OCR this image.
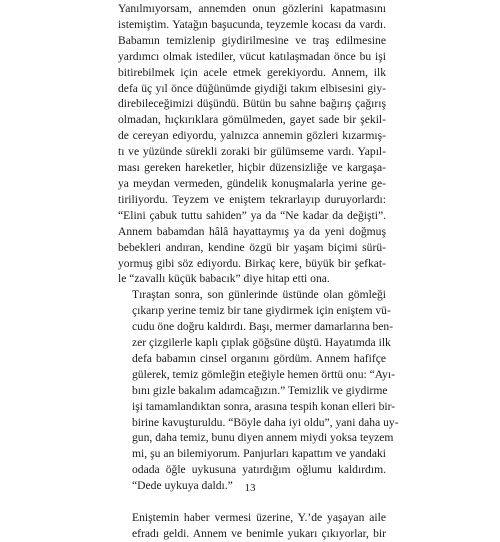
Yanılmıyorsam, annemden onun gözlerini kapatmasını
istemiştim. Yatağın başucunda, teyzemle kocası da vardı.
Babamın temizlenip giydirilmesine ve traş edilmesine
yardımcı olmak istediler, vücut katılaşmadan önce bu işi
bitirebilmek için acele etmek gerekiyordu. Annem, ilk
defa üç yıl önce düğünümde giydiği takım elbisesini giy-
direbileceğimizi düşündü. Bütün bu sahne bağırış çağırış
olmadan, hıçkırıklara gömülmeden, gayet sade bir şekil-
de cereyan ediyordu, yalnızca annemin gözleri kızarmış-
tı ve yüzünde sürekli zoraki bir gülümseme vardı. Yapıl-
ması gereken hareketler, hiçbir düzensizliğe ve kargaşa-
ya meydan vermeden, gündelik konuşmalarla yerine ge-
tiriliyordu. Teyzem ve eniştem tekrarlayıp duruyorlardı:
“Elini çabuk tuttu sahiden” ya da “Ne kadar da değişti”.
Annem babamdan hâlâ hayattaymış ya da yeni doğmuş
bebekleri andıran, kendine özgü bir yaşam biçimi sürü-
yormuş gibi söz ediyordu. Birkaç kere, büyük bir şefkat-
le “zavallı küçük babacık” diye hitap etti ona.
Tıraştan sonra, son günlerinde üstünde olan gömleği
çıkarıp yerine temiz bir tane giydirmek için eniştem vü-
cudu öne doğru kaldırdı. Başı, mermer damarlarına ben-
zer çizgilerle kaplı çıplak göğsüne düştü. Hayatımda ilk
defa babamın cinsel organını gördüm. Annem hafifçe
gülerek, temiz gömleğin eteğiyle hemen örttü onu: “Ayı-
bını gizle bakalım adamcağızın.” Temizlik ve giydirme
işi tamamlandıktan sonra, arasına tespih konan elleri bir-
birine kavuşturuldu. “Böyle daha iyi oldu”, yani daha uy-
gun, daha temiz, bunu diyen annem miydi yoksa teyzem
mi, şu an bilemiyorum. Panjurları kapattım ve yandaki
odada öğle uykusuna yatırdığım oğlumu kaldırdım.
“Dede uykuya daldı.”
Eniştemin haber vermesi üzerine, Y.’de yaşayan aile
efradı geldi. Annem ve benimle yukarı çıkıyorlar, bir
13
